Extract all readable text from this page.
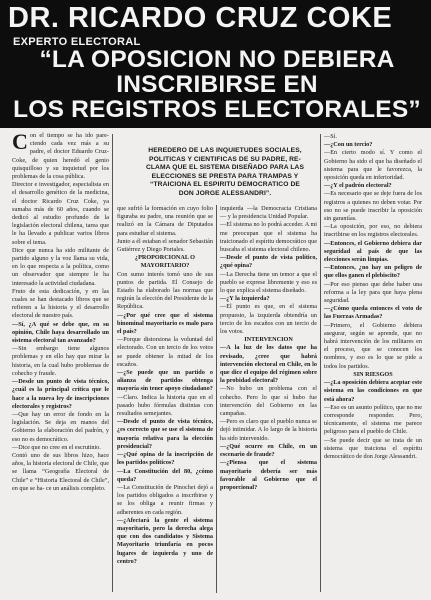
DR. RICARDO CRUZ COKE
EXPERTO ELECTORAL
“LA OPOSICION NO DEBIERA
INSCRIBIRSE EN
LOS REGISTROS ELECTORALES”
C on el tiempo se ha ido pare- ciendo cada vez más a su padre, el doctor Eduardo Cruz-Coke, de quien heredó el genio quisquilloso y su inquietud por los problemas de la cosa pública.

Director e investigador, especialista en el desarrollo genético de la medicina, el doctor Ricardo Cruz Coke, ya sumaba más de 60 años, cuando se dedicó al estudio profundo de la legislación electoral chilena, tarea que le ha llevado a publicar varios libros sobre el tema.

Dice que nunca ha sido militante de partido alguno y la voz llama su vida, en lo que respecta a la política, como un observador que siempre le ha interesado la actividad ciudadana.

Fruto de esta dedicación, y en las cuales se han destacado libros que se refieren a la historia y el desarrollo electoral de nuestro país.

—Sí, ¿A qué se debe que, en su opinión, Chile haya desarrollado un sistema electoral tan avanzado?

—Sin embargo tiene algunos problemas y en ello hay que mirar la historia, en la cual hubo problemas de cohecho y fraude.

—Desde un punto de vista técnico, ¿cuál es la principal crítica que le hace a la nueva ley de inscripciones electorales y registros?

—Que hay un error de fondo en la legislación. Se deja en manos del Gobierno la elaboración del padrón, y eso no es democrático.

—Dice que no cree en el escrutinio.

Contó uno de sus libros hizo, hace años, la historia electoral de Chile, que se llama “Geografía Electoral de Chile” e “Historia Electoral de Chile”, en que se ha- ce un análisis completo.

HEREDERO DE LAS INQUIETUDES SOCIALES,
POLITICAS Y CIENTIFICAS DE SU PADRE, RE-
CLAMA QUE EL SISTEMA DISEÑADO PARA LAS
ELECCIONES SE PRESTA PARA TRAMPAS Y
“TRAICIONA EL ESPIRITU DEMOCRATICO DE
DON JORGE ALESSANDRI”.

que sufrió la formación en cuyo folio figuraba su padre, una reunión que se realizó en la Cámara de Diputados para estudiar el sistema.

Junto a él estaban el senador Sebastián Gutiérrez y Diego Portales.

¿PROPORCIONAL O MAYORITARIO?

Con sumo interés tomó uno de sus puntos de partida. El Consejo de Estado ha elaborado las normas que regirán la elección del Presidente de la República.

—¿Por qué cree que el sistema binominal mayoritario es malo para el país?

—Porque distorsiona la voluntad del electorado. Con un tercio de los votos se puede obtener la mitad de los escaños.

—¿Se puede que un partido o alianza de partidos obtenga mayoría sin tener apoyo ciudadano?

—Claro. Indica la historia que en el pasado hubo fórmulas distintas con resultados semejantes.

—Desde el punto de vista técnico, ¿es correcto que se use el sistema de mayoría relativa para la elección presidencial?

—¿Qué opina de la inscripción de los partidos políticos?

—La Constitución del 80, ¿cómo queda?

—La Constitución de Pinochet dejó a los partidos obligados a inscribirse y se los obliga a reunir firmas y adherentes en cada región.

—¿Afectará la gente el sistema mayoritario, pero la derecha alega que con dos candidatos y Sistema Mayoritario triunfaría en pocos lugares de izquierda y uno de centro?

inquierda —la Democracia Cristiana— y la presidencia Unidad Popular.

—El sistema no lo podrá acceder. A mi me preocupan que el sistema ha traicionado el espíritu democrático que buscaba el sistema electoral chileno.

—Desde el punto de vista político, ¿qué opina?

—La Derecha tiene un temor a que el pueblo se exprese libremente y eso es lo que explica el sistema diseñado.

—¿Y la izquierda?

—El punto es que, en el sistema propuesto, la izquierda obtendría un tercio de los escaños con un tercio de los votos.

INTERVENCION

—A la luz de los datos que ha revisado, ¿cree que habrá intervención electoral en Chile, en lo que dice el equipo del régimen sobre la probidad electoral?

—No hubo un problema con el cohecho. Pero lo que sí hubo fue intervención del Gobierno en las campañas.

—Pero es claro que el pueblo nunca se dejó intimidar. A lo largo de la historia ha sido intervenido.

—¿Qué ocurre en Chile, en un escenario de fraude?

—¿Piensa que el sistema mayoritario debería ser más favorable al Gobierno que el proporcional?

—Sí.

—¿Con un tercio?

—En cierto modo sí. Y como el Gobierno ha sido el que ha diseñado el sistema para que le favorezca, la oposición queda en inferioridad.

—¿Y el padrón electoral?

—Es necesario que se deje fuera de los registros a quienes no deben votar. Por eso no se puede inscribir la oposición sin garantías.

—La oposición, por eso, no debiera inscribirse en los registros electorales.

—Entonces, el Gobierno debiera dar seguridad al país de que las elecciones serán limpias.

—Entonces, ¿no hay un peligro de que ellos ganen el plebiscito?

—Por eso pienso que debe haber una reforma a la ley para que haya plena seguridad.

—¿Cómo queda entonces el voto de las Fuerzas Armadas?

—Primero, el Gobierno debiera asegurar, según se aprende, que no habrá intervención de los militares en el proceso, que se conocen los nombres, y eso es lo que se pide a todos los partidos.

SIN RIESGOS

—¿La oposición debiera aceptar este sistema en las condiciones en que está ahora?

—Eso es un asunto político, que no me corresponde responder. Pero, técnicamente, el sistema me parece peligroso para el pueblo de Chile.

—Se puede decir que se trata de un sistema que traiciona el espíritu democrático de don Jorge Alessandri.
